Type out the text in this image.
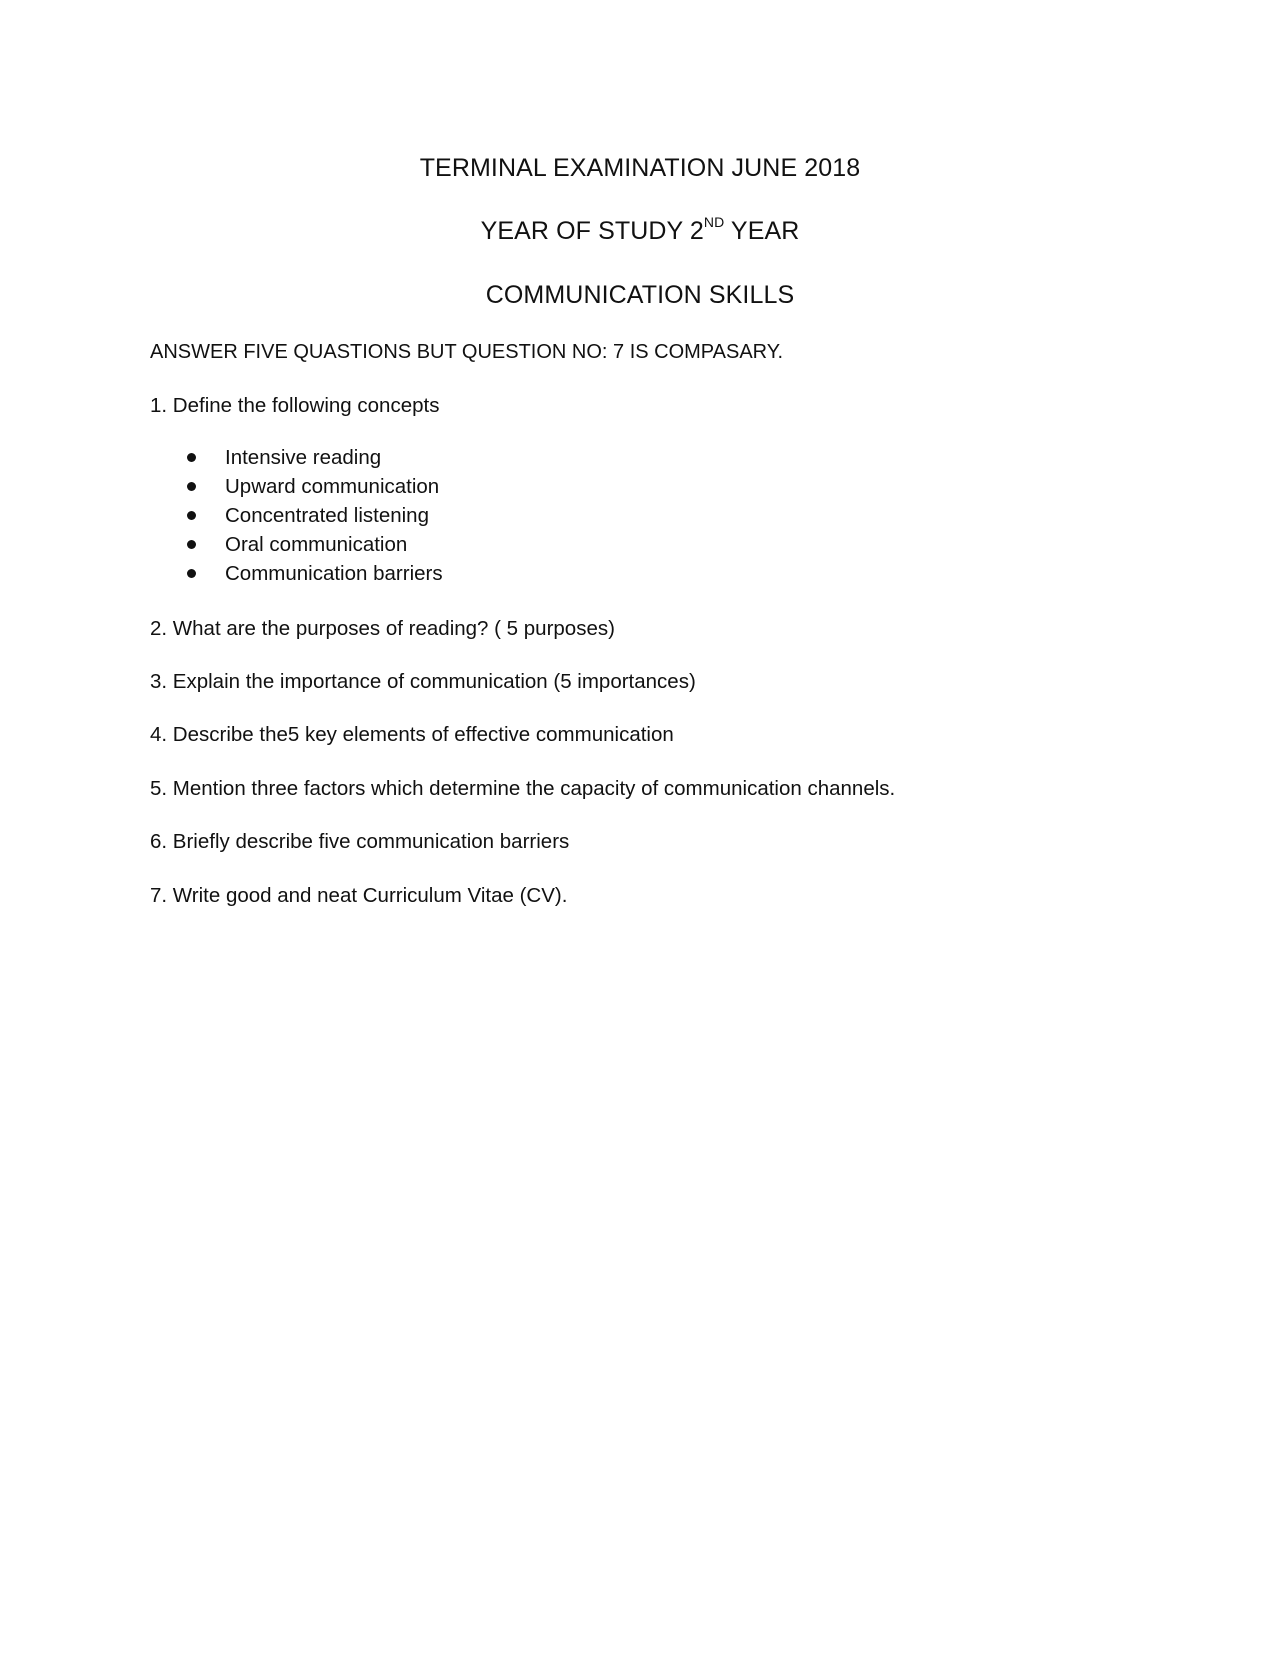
TERMINAL EXAMINATION JUNE 2018
YEAR OF STUDY 2ND YEAR
COMMUNICATION SKILLS
ANSWER FIVE QUASTIONS BUT QUESTION NO: 7 IS COMPASARY.
1. Define the following concepts
Intensive reading
Upward communication
Concentrated listening
Oral communication
Communication barriers
2. What are the purposes of reading? ( 5 purposes)
3. Explain the importance of communication (5 importances)
4. Describe the5 key elements of effective communication
5. Mention three factors which determine the capacity of communication channels.
6. Briefly describe five communication barriers
7. Write good and neat Curriculum Vitae (CV).
